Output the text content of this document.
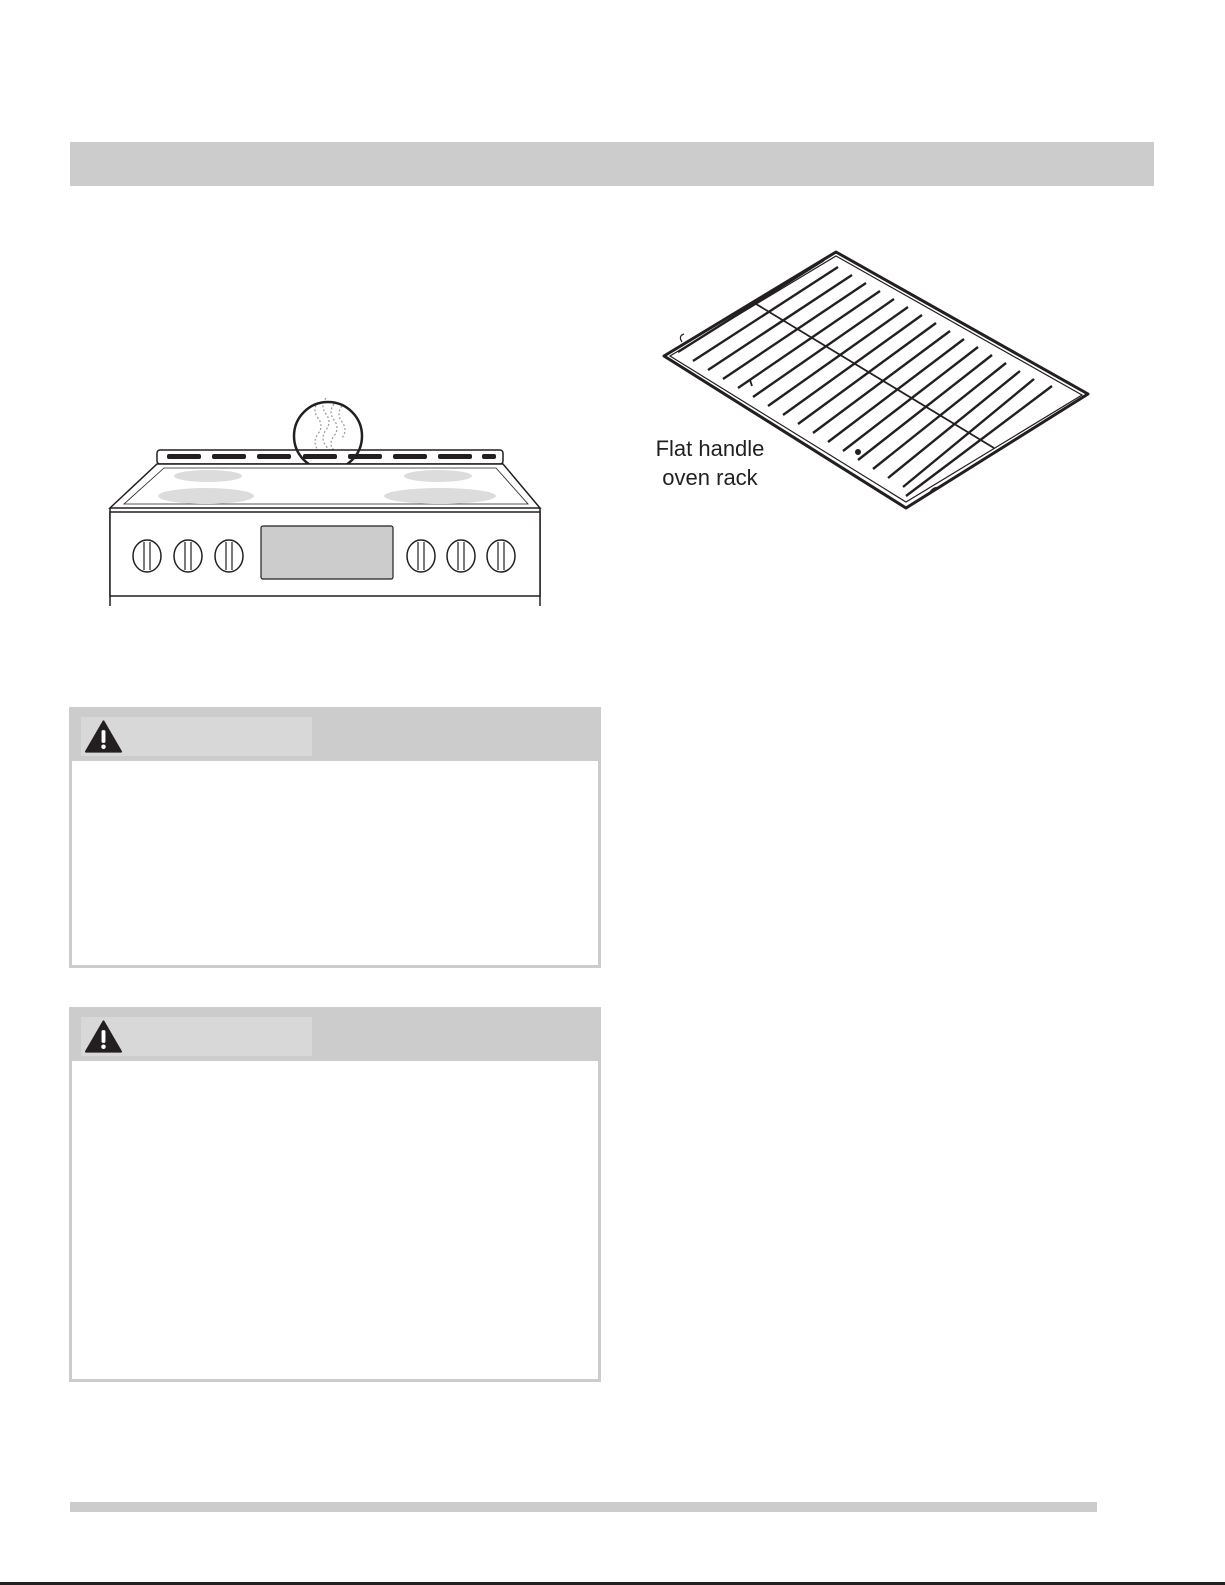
Flat handle
oven rack
